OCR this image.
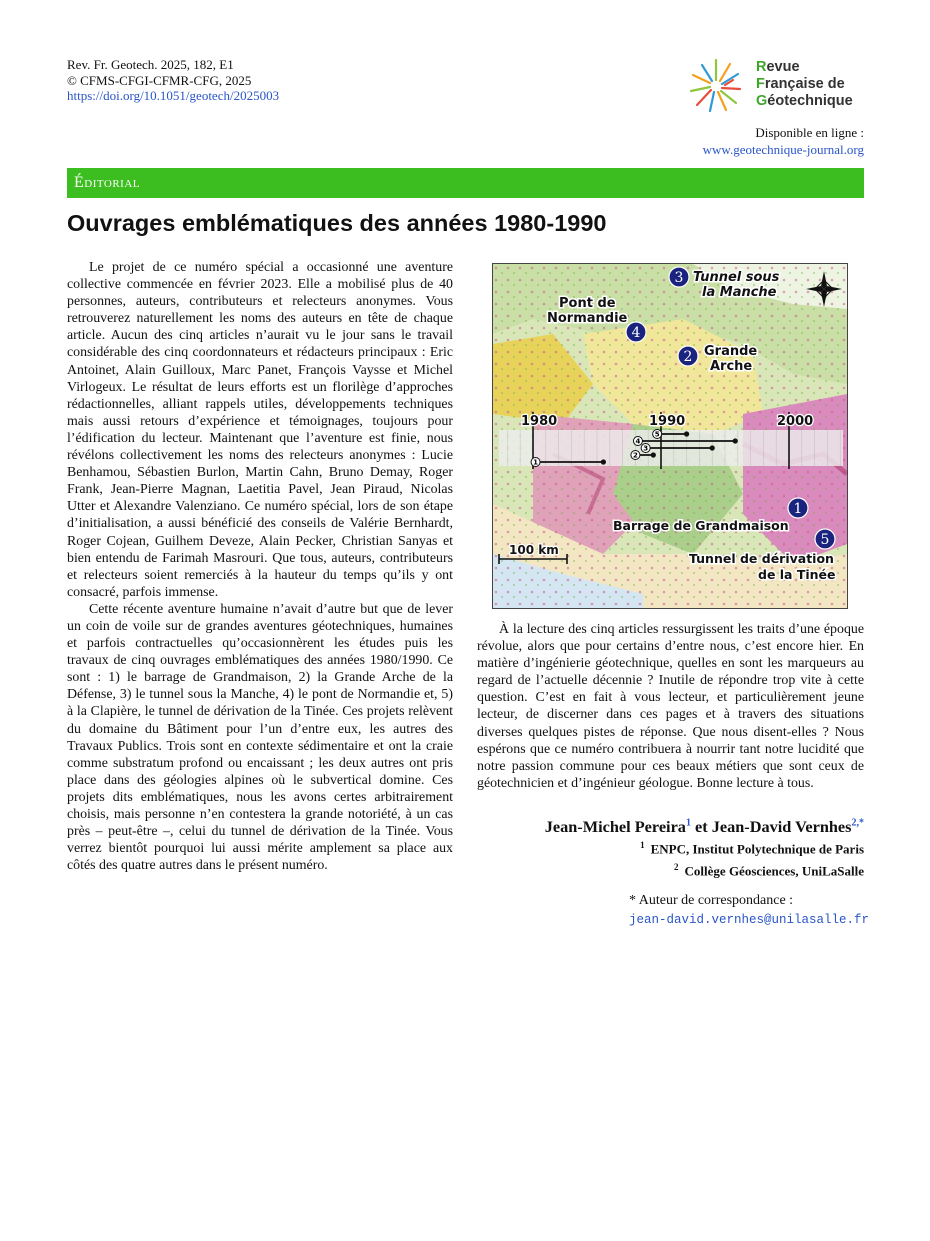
Rev. Fr. Geotech. 2025, 182, E1
© CFMS-CFGI-CFMR-CFG, 2025
https://doi.org/10.1051/geotech/2025003
Revue
Française de
Géotechnique
Disponible en ligne :
www.geotechnique-journal.org
Éditorial
Ouvrages emblématiques des années 1980-1990

Le projet de ce numéro spécial a occasionné une aventure collective commencée en février 2023. Elle a mobilisé plus de 40 personnes, auteurs, contributeurs et relecteurs anonymes. Vous retrouverez naturellement les noms des auteurs en tête de chaque article. Aucun des cinq articles n’aurait vu le jour sans le travail considérable des cinq coordonnateurs et rédacteurs principaux : Eric Antoinet, Alain Guilloux, Marc Panet, François Vaysse et Michel Virlogeux. Le résultat de leurs efforts est un florilège d’approches rédactionnelles, alliant rappels utiles, développements techniques mais aussi retours d’expérience et témoignages, toujours pour l’édification du lecteur. Maintenant que l’aventure est finie, nous révélons collectivement les noms des relecteurs anonymes : Lucie Benhamou, Sébastien Burlon, Martin Cahn, Bruno Demay, Roger Frank, Jean-Pierre Magnan, Laetitia Pavel, Jean Piraud, Nicolas Utter et Alexandre Valenziano. Ce numéro spécial, lors de son étape d’initialisation, a aussi bénéficié des conseils de Valérie Bernhardt, Roger Cojean, Guilhem Deveze, Alain Pecker, Christian Sanyas et bien entendu de Farimah Masrouri. Que tous, auteurs, contributeurs et relecteurs soient remerciés à la hauteur du temps qu’ils y ont consacré, parfois immense.

Cette récente aventure humaine n’avait d’autre but que de lever un coin de voile sur de grandes aventures géotechniques, humaines et parfois contractuelles qu’occasionnèrent les études puis les travaux de cinq ouvrages emblématiques des années 1980/1990. Ce sont : 1) le barrage de Grandmaison, 2) la Grande Arche de la Défense, 3) le tunnel sous la Manche, 4) le pont de Normandie et, 5) à la Clapière, le tunnel de dérivation de la Tinée. Ces projets relèvent du domaine du Bâtiment pour l’un d’entre eux, les autres des Travaux Publics. Trois sont en contexte sédimentaire et ont la craie comme substratum profond ou encaissant ; les deux autres ont pris place dans des géologies alpines où le subvertical domine. Ces projets dits emblématiques, nous les avons certes arbitrairement choisis, mais personne n’en contestera la grande notoriété, à un cas près – peut-être –, celui du tunnel de dérivation de la Tinée. Vous verrez bientôt pourquoi lui aussi mérite amplement sa place aux côtés des quatre autres dans le présent numéro.

1980	1990	2000
1
2
3
4
5
100 km
3 Tunnel sous
la Manche
4
Pont de
Normandie
2 Grande
Arche
1
Barrage de Grandmaison
5
Tunnel de dérivation
de la Tinée

À la lecture des cinq articles ressurgissent les traits d’une époque révolue, alors que pour certains d’entre nous, c’est encore hier. En matière d’ingénierie géotechnique, quelles en sont les marqueurs au regard de l’actuelle décennie ? Inutile de répondre trop vite à cette question. C’est en fait à vous lecteur, et particulièrement jeune lecteur, de discerner dans ces pages et à travers des situations diverses quelques pistes de réponse. Que nous disent-elles ? Nous espérons que ce numéro contribuera à nourrir tant notre lucidité que notre passion commune pour ces beaux métiers que sont ceux de géotechnicien et d’ingénieur géologue. Bonne lecture à tous.

Jean-Michel Pereira$^1$ et Jean-David Vernhes$^{2,*}$
$^1$ ENPC, Institut Polytechnique de Paris
$^2$ Collège Géosciences, UniLaSalle
* Auteur de correspondance :
jean-david.vernhes@unilasalle.fr
